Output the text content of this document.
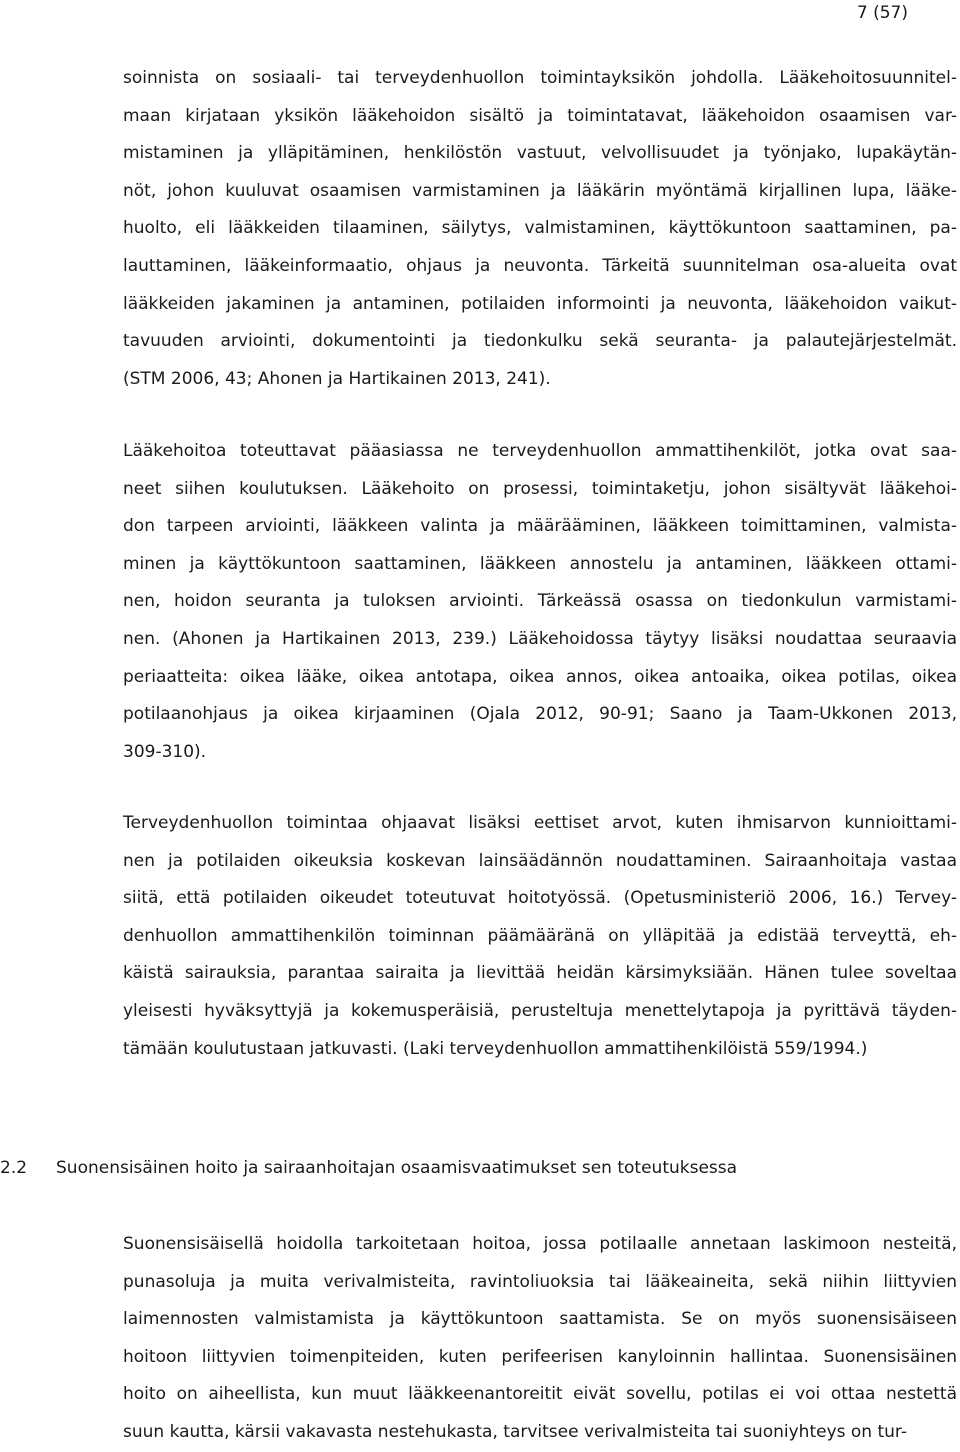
7 (57)
soinnista on sosiaali- tai terveydenhuollon toimintayksikön johdolla. Lääkehoitosuunnitel-
maan kirjataan yksikön lääkehoidon sisältö ja toimintatavat, lääkehoidon osaamisen var-
mistaminen ja ylläpitäminen, henkilöstön vastuut, velvollisuudet ja työnjako, lupakäytän-
nöt, johon kuuluvat osaamisen varmistaminen ja lääkärin myöntämä kirjallinen lupa, lääke-
huolto, eli lääkkeiden tilaaminen, säilytys, valmistaminen, käyttökuntoon saattaminen, pa-
lauttaminen, lääkeinformaatio, ohjaus ja neuvonta. Tärkeitä suunnitelman osa-alueita ovat
lääkkeiden jakaminen ja antaminen, potilaiden informointi ja neuvonta, lääkehoidon vaikut-
tavuuden arviointi, dokumentointi ja tiedonkulku sekä seuranta- ja palautejärjestelmät.
(STM 2006, 43; Ahonen ja Hartikainen 2013, 241).
Lääkehoitoa toteuttavat pääasiassa ne terveydenhuollon ammattihenkilöt, jotka ovat saa-
neet siihen koulutuksen. Lääkehoito on prosessi, toimintaketju, johon sisältyvät lääkehoi-
don tarpeen arviointi, lääkkeen valinta ja määrääminen, lääkkeen toimittaminen, valmista-
minen ja käyttökuntoon saattaminen, lääkkeen annostelu ja antaminen, lääkkeen ottami-
nen, hoidon seuranta ja tuloksen arviointi. Tärkeässä osassa on tiedonkulun varmistami-
nen. (Ahonen ja Hartikainen 2013, 239.) Lääkehoidossa täytyy lisäksi noudattaa seuraavia
periaatteita: oikea lääke, oikea antotapa, oikea annos, oikea antoaika, oikea potilas, oikea
potilaanohjaus ja oikea kirjaaminen (Ojala 2012, 90-91; Saano ja Taam-Ukkonen 2013,
309-310).
Terveydenhuollon toimintaa ohjaavat lisäksi eettiset arvot, kuten ihmisarvon kunnioittami-
nen ja potilaiden oikeuksia koskevan lainsäädännön noudattaminen. Sairaanhoitaja vastaa
siitä, että potilaiden oikeudet toteutuvat hoitotyössä. (Opetusministeriö 2006, 16.) Tervey-
denhuollon ammattihenkilön toiminnan päämääränä on ylläpitää ja edistää terveyttä, eh-
käistä sairauksia, parantaa sairaita ja lievittää heidän kärsimyksiään. Hänen tulee soveltaa
yleisesti hyväksyttyjä ja kokemusperäisiä, perusteltuja menettelytapoja ja pyrittävä täyden-
tämään koulutustaan jatkuvasti. (Laki terveydenhuollon ammattihenkilöistä 559/1994.)
2.2 Suonensisäinen hoito ja sairaanhoitajan osaamisvaatimukset sen toteutuksessa
Suonensisäisellä hoidolla tarkoitetaan hoitoa, jossa potilaalle annetaan laskimoon nesteitä,
punasoluja ja muita verivalmisteita, ravintoliuoksia tai lääkeaineita, sekä niihin liittyvien
laimennosten valmistamista ja käyttökuntoon saattamista. Se on myös suonensisäiseen
hoitoon liittyvien toimenpiteiden, kuten perifeerisen kanyloinnin hallintaa. Suonensisäinen
hoito on aiheellista, kun muut lääkkeenantoreitit eivät sovellu, potilas ei voi ottaa nestettä
suun kautta, kärsii vakavasta nestehukasta, tarvitsee verivalmisteita tai suoniyhteys on tur-
